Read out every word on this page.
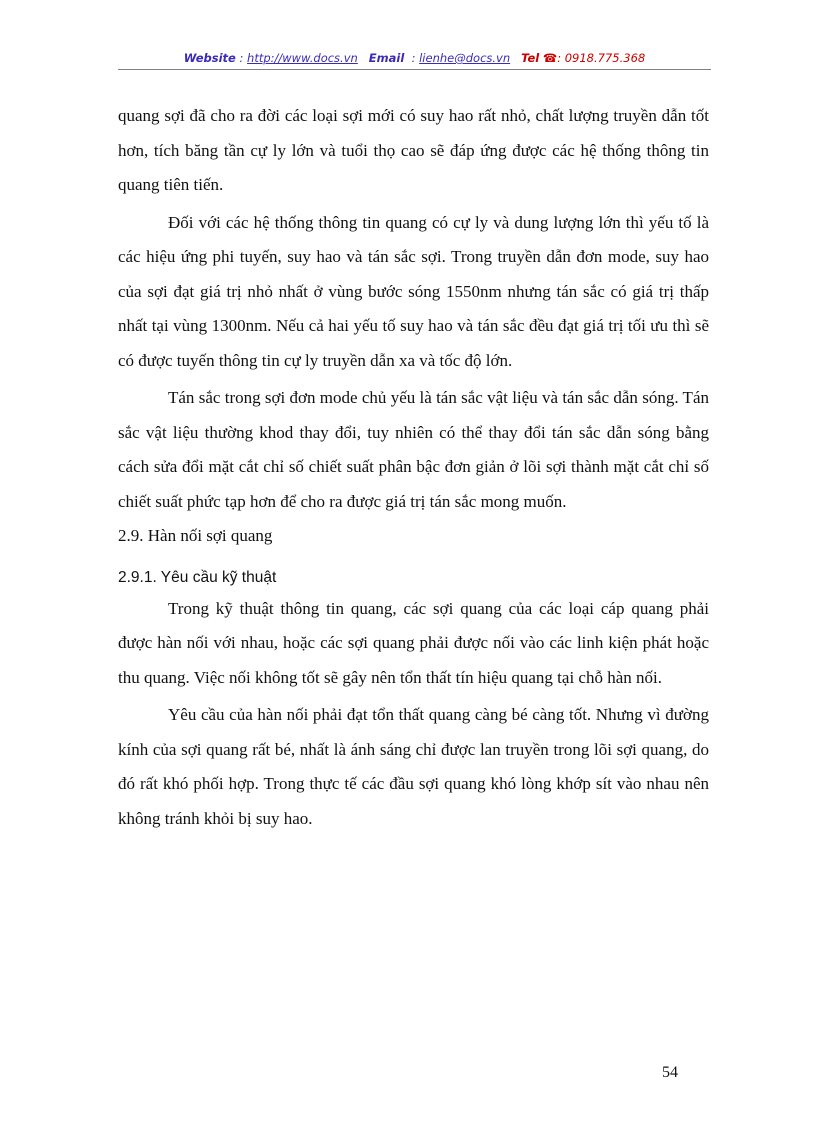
Website : http://www.docs.vn Email  : lienhe@docs.vn Tel ☎: 0918.775.368

quang sợi đã cho ra đời các loại sợi mới có suy hao rất nhỏ, chất lượng truyền dẫn tốt hơn, tích băng tần cự ly lớn và tuổi thọ cao sẽ đáp ứng được các hệ thống thông tin quang tiên tiến.

Đối với các hệ thống thông tin quang có cự ly và dung lượng lớn thì yếu tố là các hiệu ứng phi tuyến, suy hao và tán sắc sợi. Trong truyền dẫn đơn mode, suy hao của sợi đạt giá trị nhỏ nhất ở vùng bước sóng 1550nm nhưng tán sắc có giá trị thấp nhất tại vùng 1300nm. Nếu cả hai yếu tố suy hao và tán sắc đều đạt giá trị tối ưu thì sẽ có được tuyến thông tin cự ly truyền dẫn xa và tốc độ lớn.

Tán sắc trong sợi đơn mode chủ yếu là tán sắc vật liệu và tán sắc dẫn sóng. Tán sắc vật liệu thường khod thay đổi, tuy nhiên có thể thay đổi tán sắc dẫn sóng bằng cách sửa đổi mặt cắt chỉ số chiết suất phân bậc đơn giản ở lõi sợi thành mặt cắt chỉ số chiết suất phức tạp hơn để cho ra được giá trị tán sắc mong muốn.

2.9. Hàn nối sợi quang

2.9.1. Yêu cầu kỹ thuật

Trong kỹ thuật thông tin quang, các sợi quang của các loại cáp quang phải được hàn nối với nhau, hoặc các sợi quang phải được nối vào các linh kiện phát hoặc thu quang. Việc nối không tốt sẽ gây nên tổn thất tín hiệu quang tại chỗ hàn nối.

Yêu cầu của hàn nối phải đạt tổn thất quang càng bé càng tốt. Nhưng vì đường kính của sợi quang rất bé, nhất là ánh sáng chỉ được lan truyền trong lõi sợi quang, do đó rất khó phối hợp. Trong thực tế các đầu sợi quang khó lòng khớp sít vào nhau nên không tránh khỏi bị suy hao.

54
